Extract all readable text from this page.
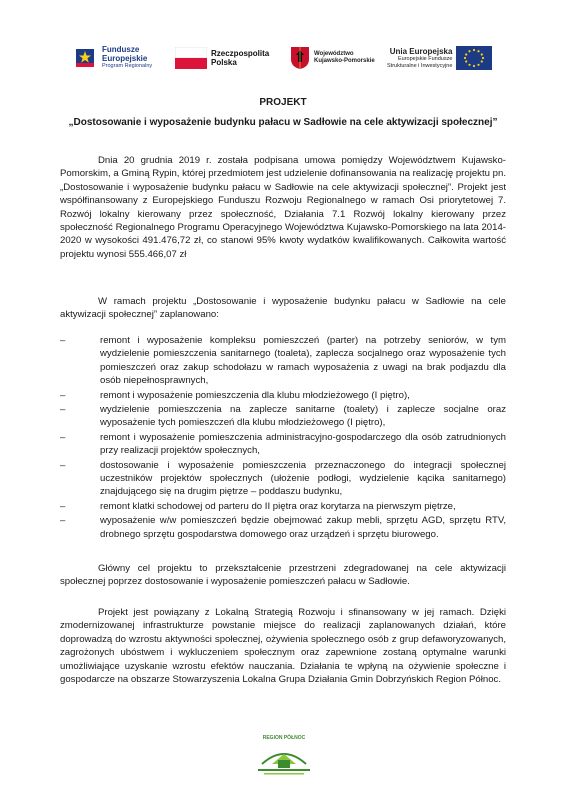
Fundusze
Europejskie
Program Regionalny
Rzeczpospolita
Polska
Województwo
Kujawsko-Pomorskie
Unia Europejska
Europejskie Fundusze
Strukturalne i Inwestycyjne
PROJEKT
„Dostosowanie i wyposażenie budynku pałacu w Sadłowie na cele aktywizacji społecznej”

Dnia 20 grudnia 2019 r. została podpisana umowa pomiędzy Województwem Kujawsko-Pomorskim, a Gminą Rypin, której przedmiotem jest udzielenie dofinansowania na realizację projektu pn. „Dostosowanie i wyposażenie budynku pałacu w Sadłowie na cele aktywizacji społecznej”. Projekt jest współfinansowany z Europejskiego Funduszu Rozwoju Regionalnego w ramach Osi priorytetowej 7. Rozwój lokalny kierowany przez społeczność, Działania 7.1 Rozwój lokalny kierowany przez społeczność Regionalnego Programu Operacyjnego Województwa Kujawsko-Pomorskiego na lata 2014-2020 w wysokości 491.476,72 zł, co stanowi 95% kwoty wydatków kwalifikowanych. Całkowita wartość projektu wynosi 555.466,07 zł

W ramach projektu „Dostosowanie i wyposażenie budynku pałacu w Sadłowie na cele aktywizacji społecznej” zaplanowano:

–	remont i wyposażenie kompleksu pomieszczeń (parter) na potrzeby seniorów, w tym wydzielenie pomieszczenia sanitarnego (toaleta), zaplecza socjalnego oraz wyposażenie tych pomieszczeń oraz zakup schodołazu w ramach wyposażenia z uwagi na brak podjazdu dla osób niepełnosprawnych,
–	remont i wyposażenie pomieszczenia dla klubu młodzieżowego (I piętro),
–	wydzielenie pomieszczenia na zaplecze sanitarne (toalety) i zaplecze socjalne oraz wyposażenie tych pomieszczeń dla klubu młodzieżowego (I piętro),
–	remont i wyposażenie pomieszczenia administracyjno-gospodarczego dla osób zatrudnionych przy realizacji projektów społecznych,
–	dostosowanie i wyposażenie pomieszczenia przeznaczonego do integracji społecznej uczestników projektów społecznych (ułożenie podłogi, wydzielenie kącika sanitarnego) znajdującego się na drugim piętrze – poddaszu budynku,
–	remont klatki schodowej od parteru do II piętra oraz korytarza na pierwszym piętrze,
–	wyposażenie w/w pomieszczeń będzie obejmować zakup mebli, sprzętu AGD, sprzętu RTV, drobnego sprzętu gospodarstwa domowego oraz urządzeń i sprzętu biurowego.

Główny cel projektu to przekształcenie przestrzeni zdegradowanej na cele aktywizacji społecznej poprzez dostosowanie i wyposażenie pomieszczeń pałacu w Sadłowie.

Projekt jest powiązany z Lokalną Strategią Rozwoju i sfinansowany w jej ramach. Dzięki zmodernizowanej infrastrukturze powstanie miejsce do realizacji zaplanowanych działań, które doprowadzą do wzrostu aktywności społecznej, ożywienia społecznego osób z grup defaworyzowanych, zagrożonych ubóstwem i wykluczeniem społecznym oraz zapewnione zostaną optymalne warunki umożliwiające uzyskanie wzrostu efektów nauczania. Działania te wpłyną na ożywienie społeczne i gospodarcze na obszarze Stowarzyszenia Lokalna Grupa Działania Gmin Dobrzyńskich Region Północ.

REGION PÓŁNOC
